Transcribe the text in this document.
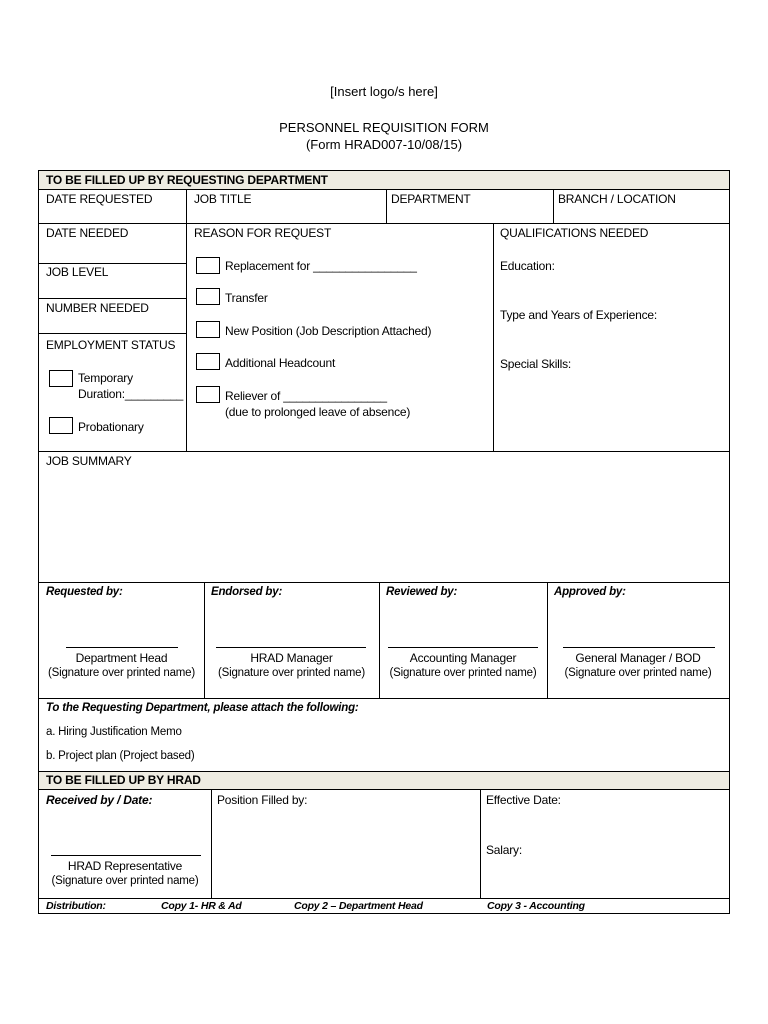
[Insert logo/s here]
PERSONNEL REQUISITION FORM
(Form HRAD007-10/08/15)
TO BE FILLED UP BY REQUESTING DEPARTMENT
DATE REQUESTED	JOB TITLE	DEPARTMENT	BRANCH / LOCATION
DATE NEEDED
JOB LEVEL
NUMBER NEEDED
EMPLOYMENT STATUS
Temporary
Duration:_________
Probationary
REASON FOR REQUEST
Replacement for ________________
Transfer
New Position (Job Description Attached)
Additional Headcount
Reliever of ________________
(due to prolonged leave of absence)
QUALIFICATIONS NEEDED
Education:
Type and Years of Experience:
Special Skills:
JOB SUMMARY
Requested by:	Endorsed by:	Reviewed by:	Approved by:
Department Head	HRAD Manager	Accounting Manager	General Manager / BOD
(Signature over printed name)	(Signature over printed name)	(Signature over printed name)	(Signature over printed name)
To the Requesting Department, please attach the following:
a. Hiring Justification Memo
b. Project plan (Project based)
TO BE FILLED UP BY HRAD
Received by / Date:	Position Filled by:	Effective Date:
Salary:
HRAD Representative
(Signature over printed name)
Distribution:	Copy 1- HR & Ad	Copy 2 – Department Head	Copy 3 - Accounting
